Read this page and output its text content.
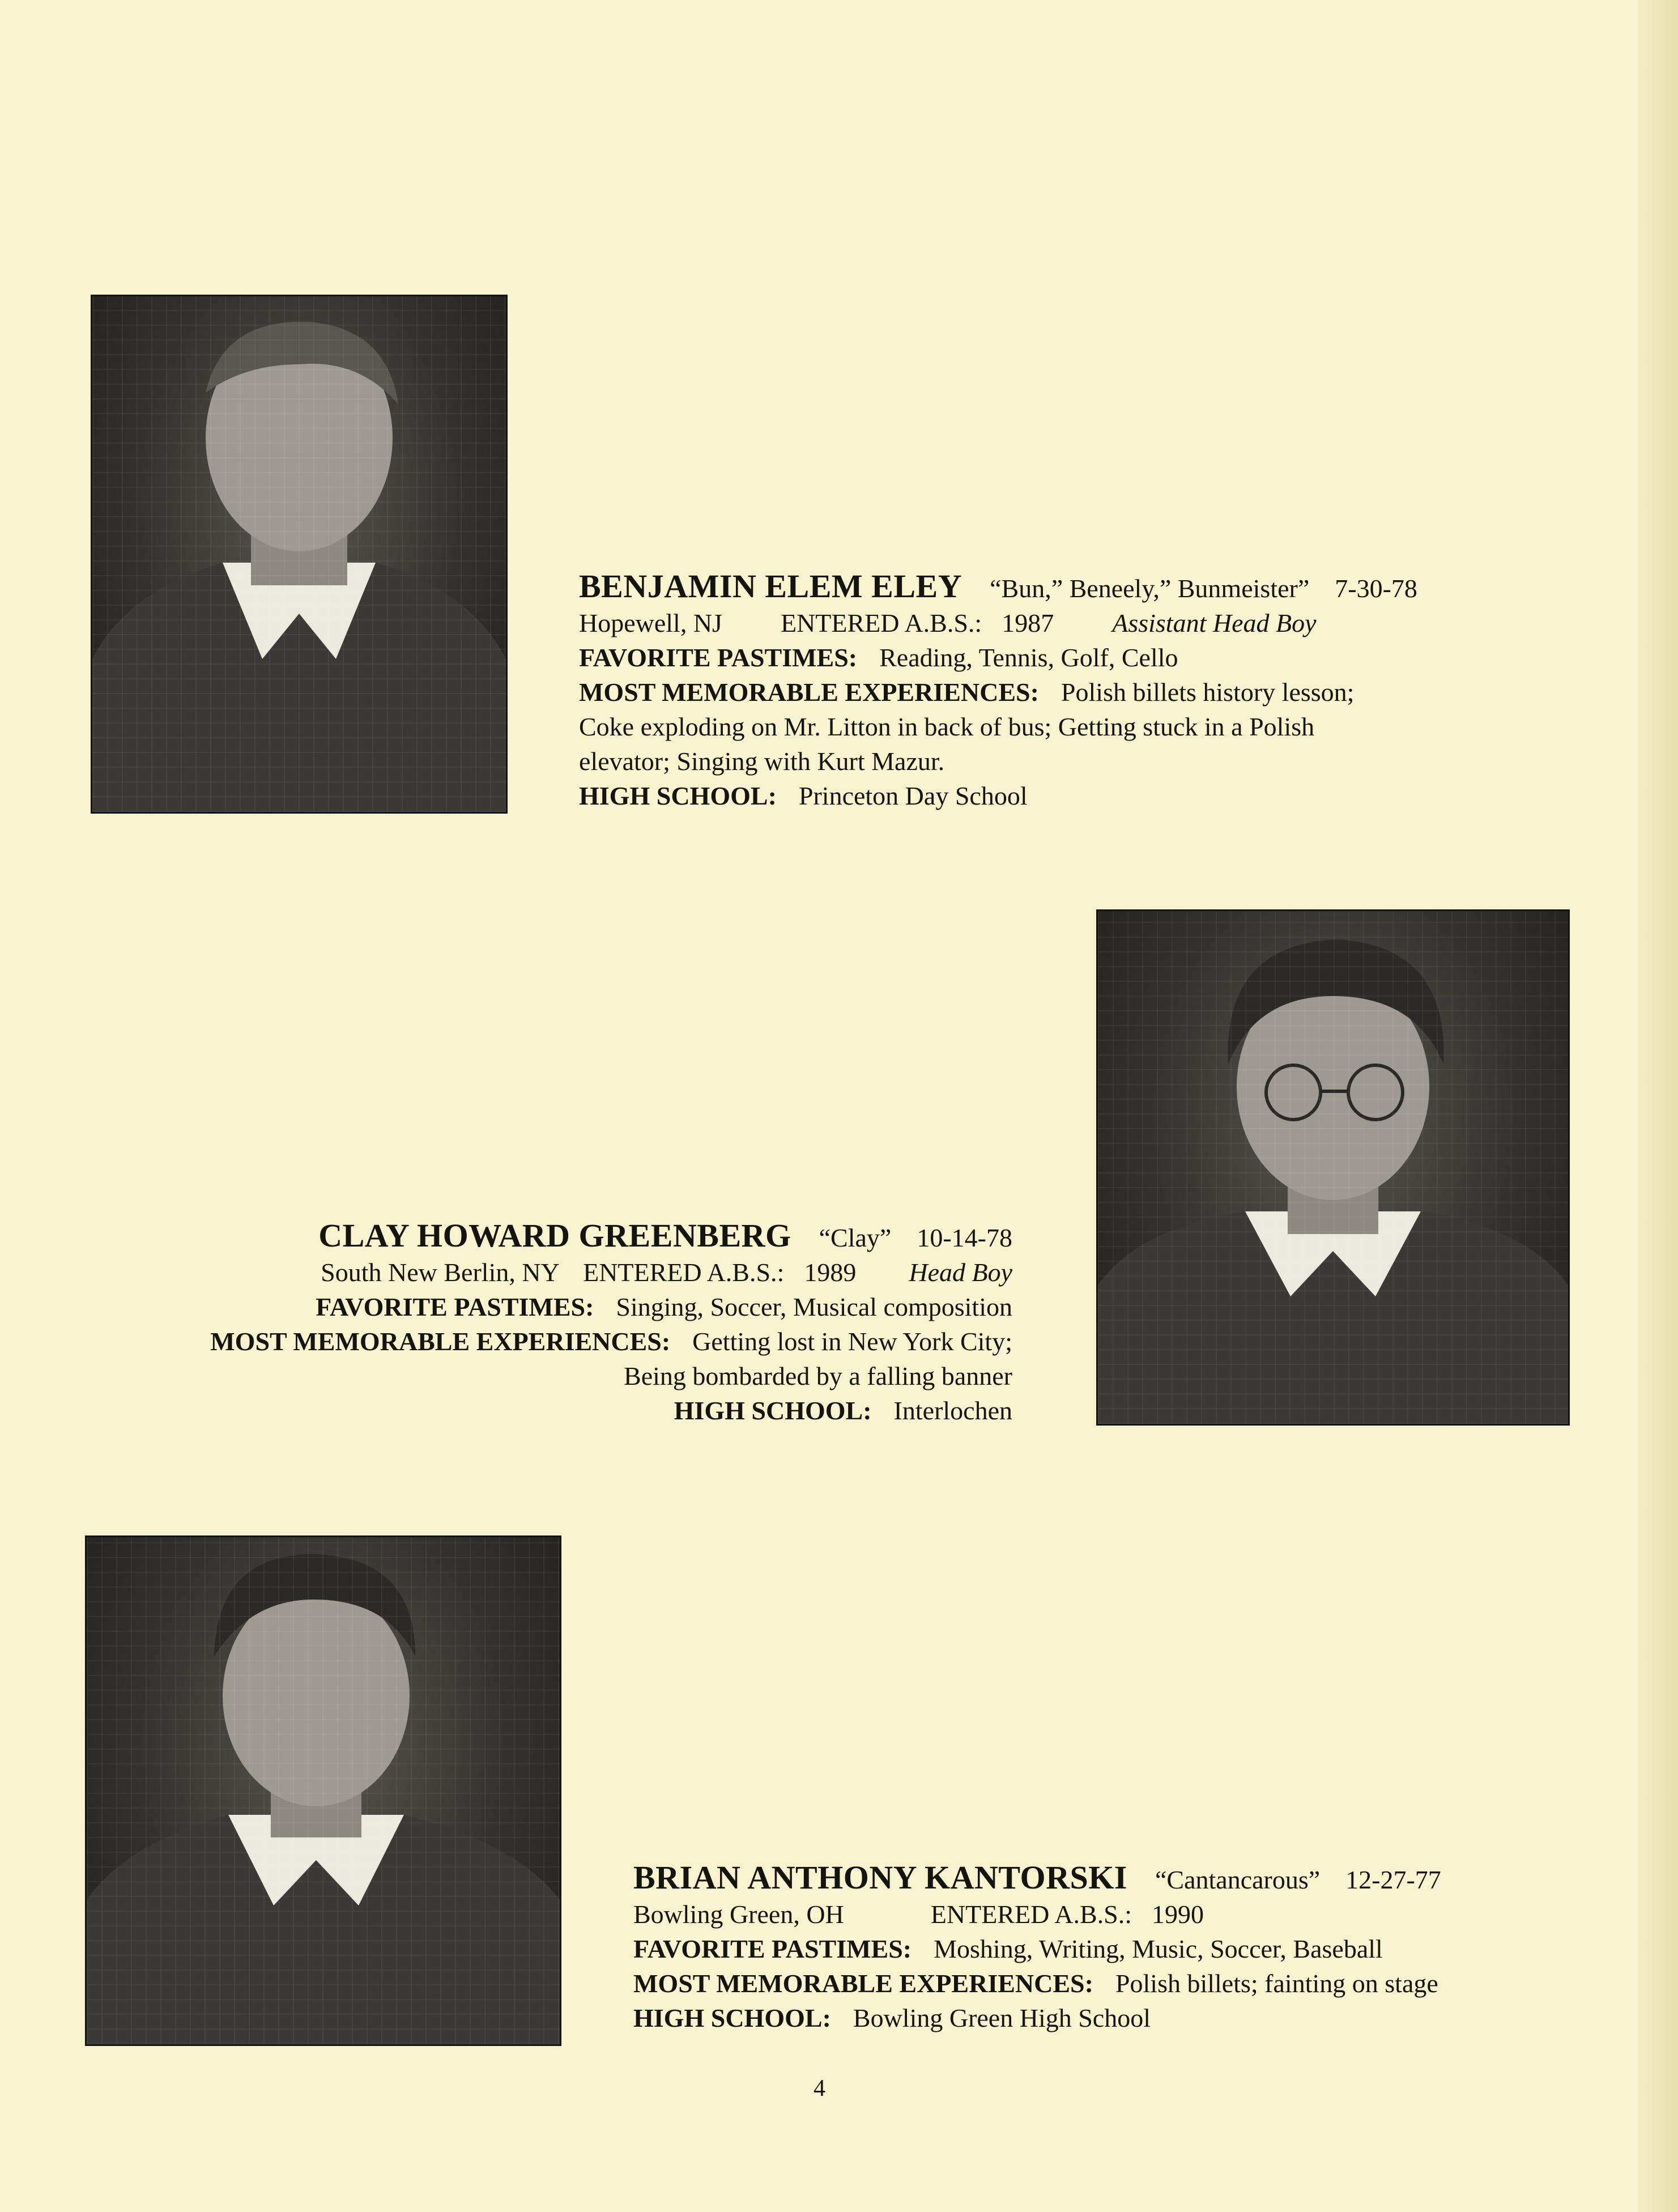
BENJAMIN ELEM ELEY “Bun,” Beneely,” Bunmeister” 7-30-78
Hopewell, NJ ENTERED A.B.S.: 1987 Assistant Head Boy
FAVORITE PASTIMES: Reading, Tennis, Golf, Cello
MOST MEMORABLE EXPERIENCES: Polish billets history lesson;
Coke exploding on Mr. Litton in back of bus; Getting stuck in a Polish
elevator; Singing with Kurt Mazur.
HIGH SCHOOL: Princeton Day School
CLAY HOWARD GREENBERG “Clay” 10-14-78
South New Berlin, NY ENTERED A.B.S.: 1989 Head Boy
FAVORITE PASTIMES: Singing, Soccer, Musical composition
MOST MEMORABLE EXPERIENCES: Getting lost in New York City;
Being bombarded by a falling banner
HIGH SCHOOL: Interlochen
BRIAN ANTHONY KANTORSKI “Cantancarous” 12-27-77
Bowling Green, OH	ENTERED A.B.S.: 1990
FAVORITE PASTIMES: Moshing, Writing, Music, Soccer, Baseball
MOST MEMORABLE EXPERIENCES: Polish billets; fainting on stage
HIGH SCHOOL: Bowling Green High School
4
